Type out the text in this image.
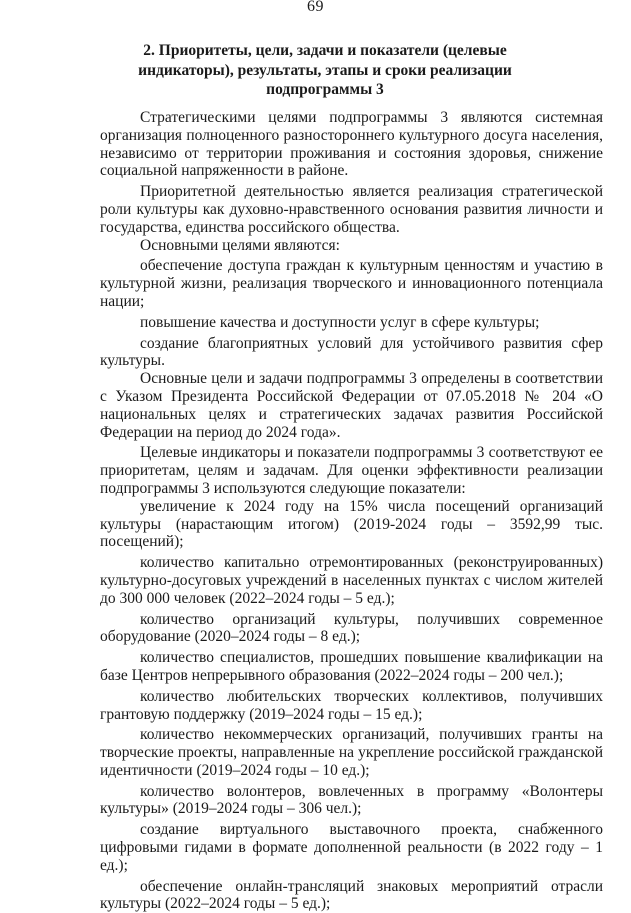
69
2. Приоритеты, цели, задачи и показатели (целевые индикаторы), результаты, этапы и сроки реализации подпрограммы 3

Стратегическими целями подпрограммы 3 являются системная организация полноценного разностороннего культурного досуга населения, независимо от территории проживания и состояния здоровья, снижение социальной напряженности в районе.

Приоритетной деятельностью является реализация стратегической роли культуры как духовно-нравственного основания развития личности и государства, единства российского общества.

Основными целями являются:

обеспечение доступа граждан к культурным ценностям и участию в культурной жизни, реализация творческого и инновационного потенциала нации;

повышение качества и доступности услуг в сфере культуры;

создание благоприятных условий для устойчивого развития сфер культуры.

Основные цели и задачи подпрограммы 3 определены в соответствии с Указом Президента Российской Федерации от 07.05.2018 № 204 «О национальных целях и стратегических задачах развития Российской Федерации на период до 2024 года».

Целевые индикаторы и показатели подпрограммы 3 соответствуют ее приоритетам, целям и задачам. Для оценки эффективности реализации подпрограммы 3 используются следующие показатели:

увеличение к 2024 году на 15% числа посещений организаций культуры (нарастающим итогом) (2019-2024 годы – 3592,99 тыс. посещений);

количество капитально отремонтированных (реконструированных) культурно-досуговых учреждений в населенных пунктах с числом жителей до 300 000 человек (2022–2024 годы – 5 ед.);

количество организаций культуры, получивших современное оборудование (2020–2024 годы – 8 ед.);

количество специалистов, прошедших повышение квалификации на базе Центров непрерывного образования (2022–2024 годы – 200 чел.);

количество любительских творческих коллективов, получивших грантовую поддержку (2019–2024 годы – 15 ед.);

количество некоммерческих организаций, получивших гранты на творческие проекты, направленные на укрепление российской гражданской идентичности (2019–2024 годы – 10 ед.);

количество волонтеров, вовлеченных в программу «Волонтеры культуры» (2019–2024 годы – 306 чел.);

создание виртуального выставочного проекта, снабженного цифровыми гидами в формате дополненной реальности (в 2022 году – 1 ед.);

обеспечение онлайн-трансляций знаковых мероприятий отрасли культуры (2022–2024 годы – 5 ед.);
